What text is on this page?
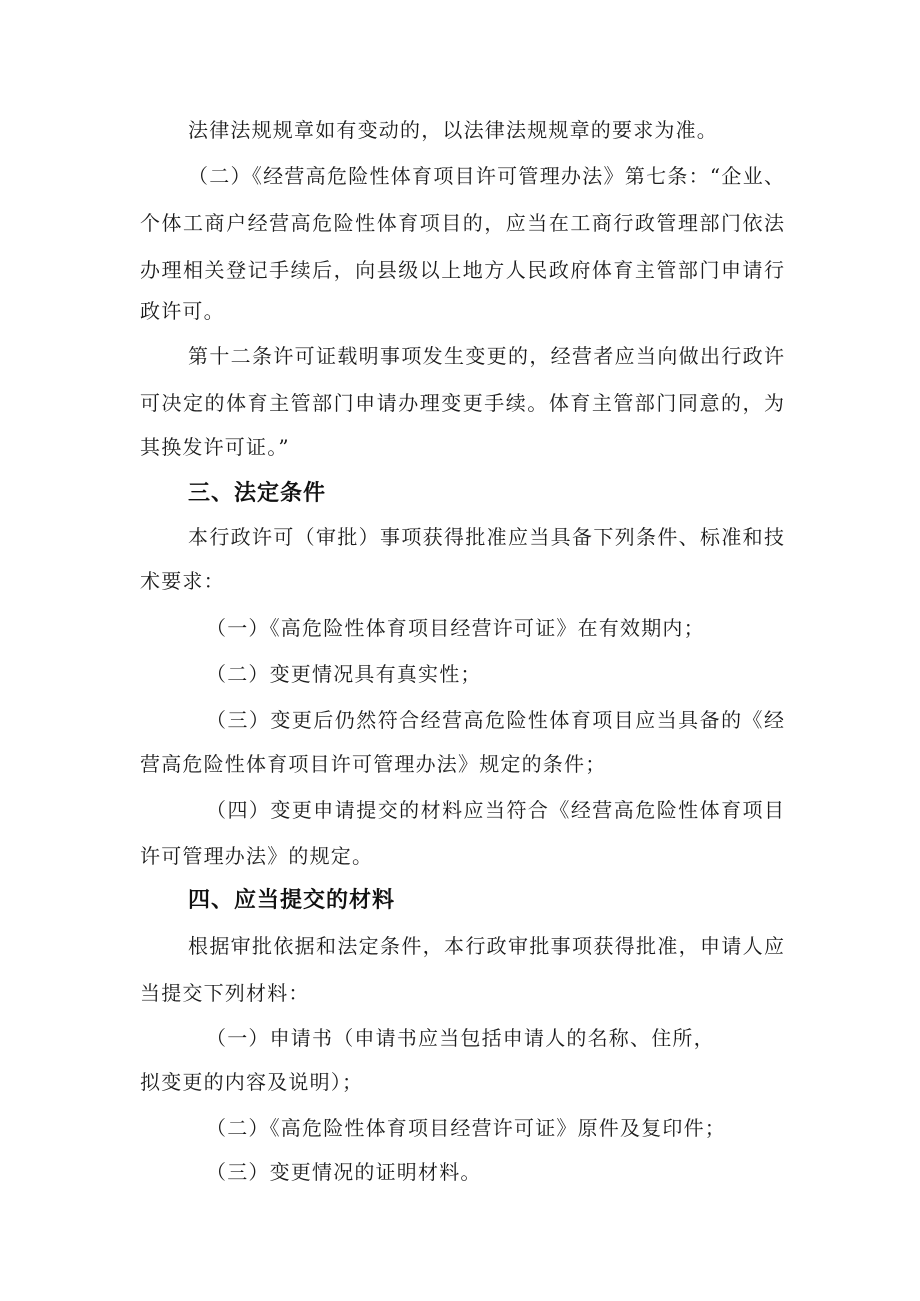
法律法规规章如有变动的，以法律法规规章的要求为准。

（二）《经营高危险性体育项目许可管理办法》第七条：“企业、

个体工商户经营高危险性体育项目的，应当在工商行政管理部门依法

办理相关登记手续后，向县级以上地方人民政府体育主管部门申请行

政许可。

第十二条许可证载明事项发生变更的，经营者应当向做出行政许

可决定的体育主管部门申请办理变更手续。体育主管部门同意的，为

其换发许可证。”

三、法定条件

本行政许可（审批）事项获得批准应当具备下列条件、标准和技

术要求：

（一）《高危险性体育项目经营许可证》在有效期内；

（二）变更情况具有真实性；

（三）变更后仍然符合经营高危险性体育项目应当具备的《经

营高危险性体育项目许可管理办法》规定的条件；

（四）变更申请提交的材料应当符合《经营高危险性体育项目

许可管理办法》的规定。

四、应当提交的材料

根据审批依据和法定条件，本行政审批事项获得批准，申请人应

当提交下列材料：

（一）申请书（申请书应当包括申请人的名称、住所，

拟变更的内容及说明）；

（二）《高危险性体育项目经营许可证》原件及复印件；

（三）变更情况的证明材料。
